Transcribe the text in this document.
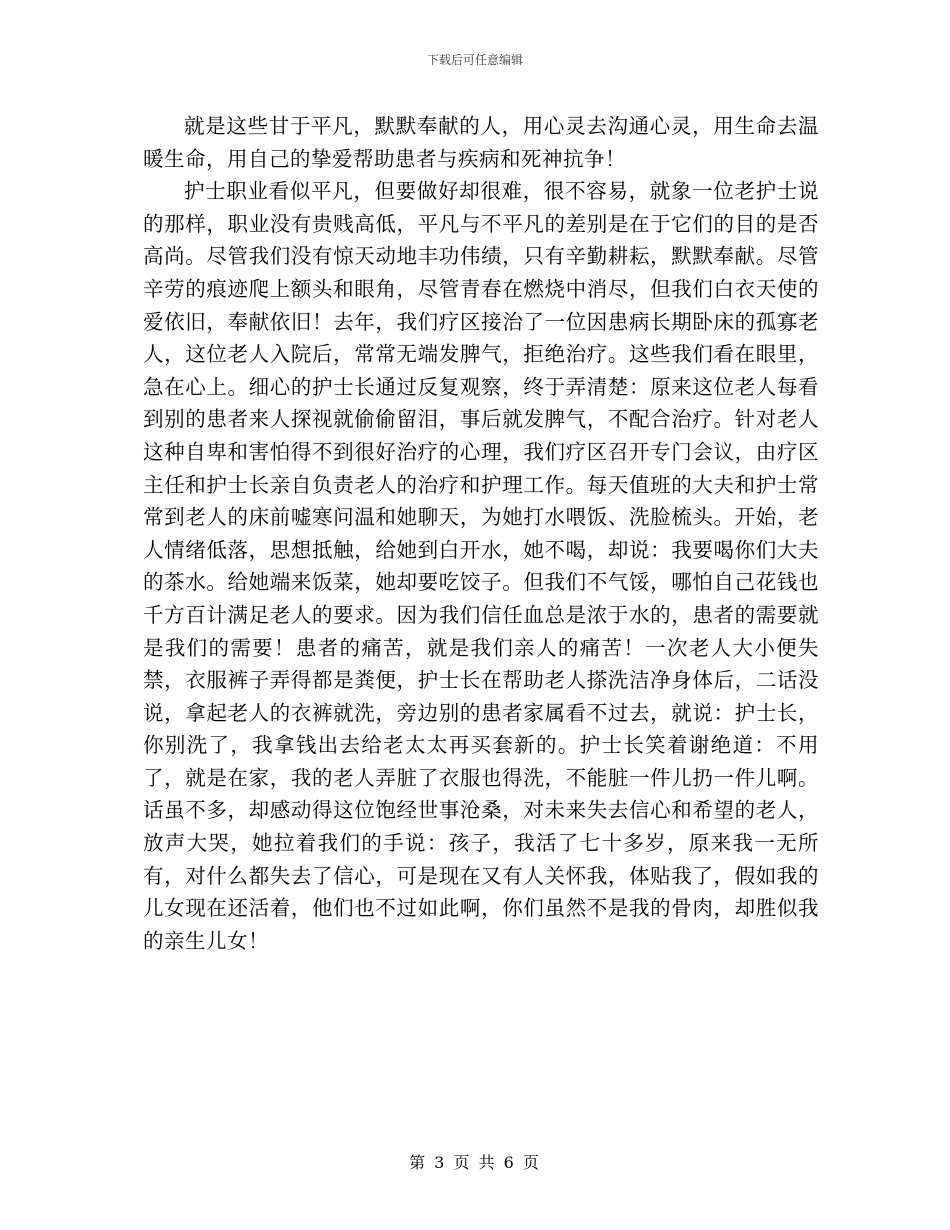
下载后可任意编辑

就是这些甘于平凡，默默奉献的人，用心灵去沟通心灵，用生命去温暖生命，用自己的挚爱帮助患者与疾病和死神抗争！

护士职业看似平凡，但要做好却很难，很不容易，就象一位老护士说的那样，职业没有贵贱高低，平凡与不平凡的差别是在于它们的目的是否高尚。尽管我们没有惊天动地丰功伟绩，只有辛勤耕耘，默默奉献。尽管辛劳的痕迹爬上额头和眼角，尽管青春在燃烧中消尽，但我们白衣天使的爱依旧，奉献依旧！去年，我们疗区接治了一位因患病长期卧床的孤寡老人，这位老人入院后，常常无端发脾气，拒绝治疗。这些我们看在眼里，急在心上。细心的护士长通过反复观察，终于弄清楚：原来这位老人每看到别的患者来人探视就偷偷留泪，事后就发脾气，不配合治疗。针对老人这种自卑和害怕得不到很好治疗的心理，我们疗区召开专门会议，由疗区主任和护士长亲自负责老人的治疗和护理工作。每天值班的大夫和护士常常到老人的床前嘘寒问温和她聊天，为她打水喂饭、洗脸梳头。开始，老人情绪低落，思想抵触，给她到白开水，她不喝，却说：我要喝你们大夫的茶水。给她端来饭菜，她却要吃饺子。但我们不气馁，哪怕自己花钱也千方百计满足老人的要求。因为我们信任血总是浓于水的，患者的需要就是我们的需要！患者的痛苦，就是我们亲人的痛苦！一次老人大小便失禁，衣服裤子弄得都是粪便，护士长在帮助老人搽洗洁净身体后，二话没说，拿起老人的衣裤就洗，旁边别的患者家属看不过去，就说：护士长，你别洗了，我拿钱出去给老太太再买套新的。护士长笑着谢绝道：不用了，就是在家，我的老人弄脏了衣服也得洗，不能脏一件儿扔一件儿啊。话虽不多，却感动得这位饱经世事沧桑，对未来失去信心和希望的老人，放声大哭，她拉着我们的手说：孩子，我活了七十多岁，原来我一无所有，对什么都失去了信心，可是现在又有人关怀我，体贴我了，假如我的儿女现在还活着，他们也不过如此啊，你们虽然不是我的骨肉，却胜似我的亲生儿女！

第 3 页 共 6 页
